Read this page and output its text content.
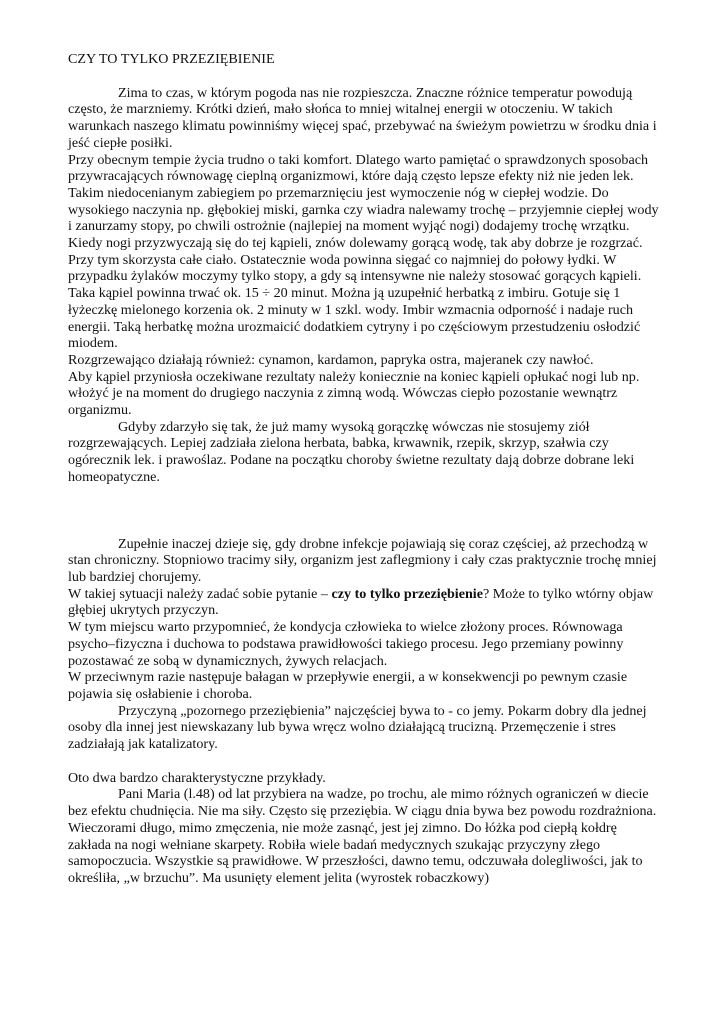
CZY TO TYLKO PRZEZIĘBIENIE

Zima to czas, w którym pogoda nas nie rozpieszcza. Znaczne różnice temperatur powodują często, że marzniemy. Krótki dzień, mało słońca to mniej witalnej energii w otoczeniu. W takich warunkach naszego klimatu powinniśmy więcej spać, przebywać na świeżym powietrzu w środku dnia i jeść ciepłe posiłki.

Przy obecnym tempie życia trudno o taki komfort. Dlatego warto pamiętać o sprawdzonych sposobach przywracających równowagę cieplną organizmowi, które dają często lepsze efekty niż nie jeden lek.

Takim niedocenianym zabiegiem po przemarznięciu jest wymoczenie nóg w ciepłej wodzie. Do wysokiego naczynia np. głębokiej miski, garnka czy wiadra nalewamy trochę – przyjemnie ciepłej wody i zanurzamy stopy, po chwili ostrożnie (najlepiej na moment wyjąć nogi) dodajemy trochę wrzątku. Kiedy nogi przyzwyczają się do tej kąpieli, znów dolewamy gorącą wodę, tak aby dobrze je rozgrzać. Przy tym skorzysta całe ciało. Ostatecznie woda powinna sięgać co najmniej do połowy łydki. W przypadku żylaków moczymy tylko stopy, a gdy są intensywne nie należy stosować gorących kąpieli.

Taka kąpiel powinna trwać ok. 15 ÷ 20 minut. Można ją uzupełnić herbatką z imbiru. Gotuje się 1 łyżeczkę mielonego korzenia ok. 2 minuty w 1 szkl. wody. Imbir wzmacnia odporność i nadaje ruch energii. Taką herbatkę można urozmaicić dodatkiem cytryny i po częściowym przestudzeniu osłodzić miodem.

Rozgrzewająco działają również: cynamon, kardamon, papryka ostra, majeranek czy nawłoć.

Aby kąpiel przyniosła oczekiwane rezultaty należy koniecznie na koniec kąpieli opłukać nogi lub np. włożyć je na moment do drugiego naczynia z zimną wodą. Wówczas ciepło pozostanie wewnątrz organizmu.

Gdyby zdarzyło się tak, że już mamy wysoką gorączkę wówczas nie stosujemy ziół rozgrzewających. Lepiej zadziała zielona herbata, babka, krwawnik, rzepik, skrzyp, szałwia czy ogórecznik lek. i prawoślaz. Podane na początku choroby świetne rezultaty dają dobrze dobrane leki homeopatyczne.

Zupełnie inaczej dzieje się, gdy drobne infekcje pojawiają się coraz częściej, aż przechodzą w stan chroniczny. Stopniowo tracimy siły, organizm jest zaflegmiony i cały czas praktycznie trochę mniej lub bardziej chorujemy.

W takiej sytuacji należy zadać sobie pytanie – czy to tylko przeziębienie? Może to tylko wtórny objaw głębiej ukrytych przyczyn.

W tym miejscu warto przypomnieć, że kondycja człowieka to wielce złożony proces. Równowaga psycho–fizyczna i duchowa to podstawa prawidłowości takiego procesu. Jego przemiany powinny pozostawać ze sobą w dynamicznych, żywych relacjach.

W przeciwnym razie następuje bałagan w przepływie energii, a w konsekwencji po pewnym czasie pojawia się osłabienie i choroba.

Przyczyną „pozornego przeziębienia” najczęściej bywa to - co jemy. Pokarm dobry dla jednej osoby dla innej jest niewskazany lub bywa wręcz wolno działającą trucizną. Przemęczenie i stres zadziałają jak katalizatory.

Oto dwa bardzo charakterystyczne przykłady.

Pani Maria (l.48) od lat przybiera na wadze, po trochu, ale mimo różnych ograniczeń w diecie bez efektu chudnięcia. Nie ma siły. Często się przeziębia. W ciągu dnia bywa bez powodu rozdrażniona. Wieczorami długo, mimo zmęczenia, nie może zasnąć, jest jej zimno. Do łóżka pod ciepłą kołdrę zakłada na nogi wełniane skarpety. Robiła wiele badań medycznych szukając przyczyny złego samopoczucia. Wszystkie są prawidłowe. W przeszłości, dawno temu, odczuwała dolegliwości, jak to określiła, „w brzuchu”. Ma usunięty element jelita (wyrostek robaczkowy)
